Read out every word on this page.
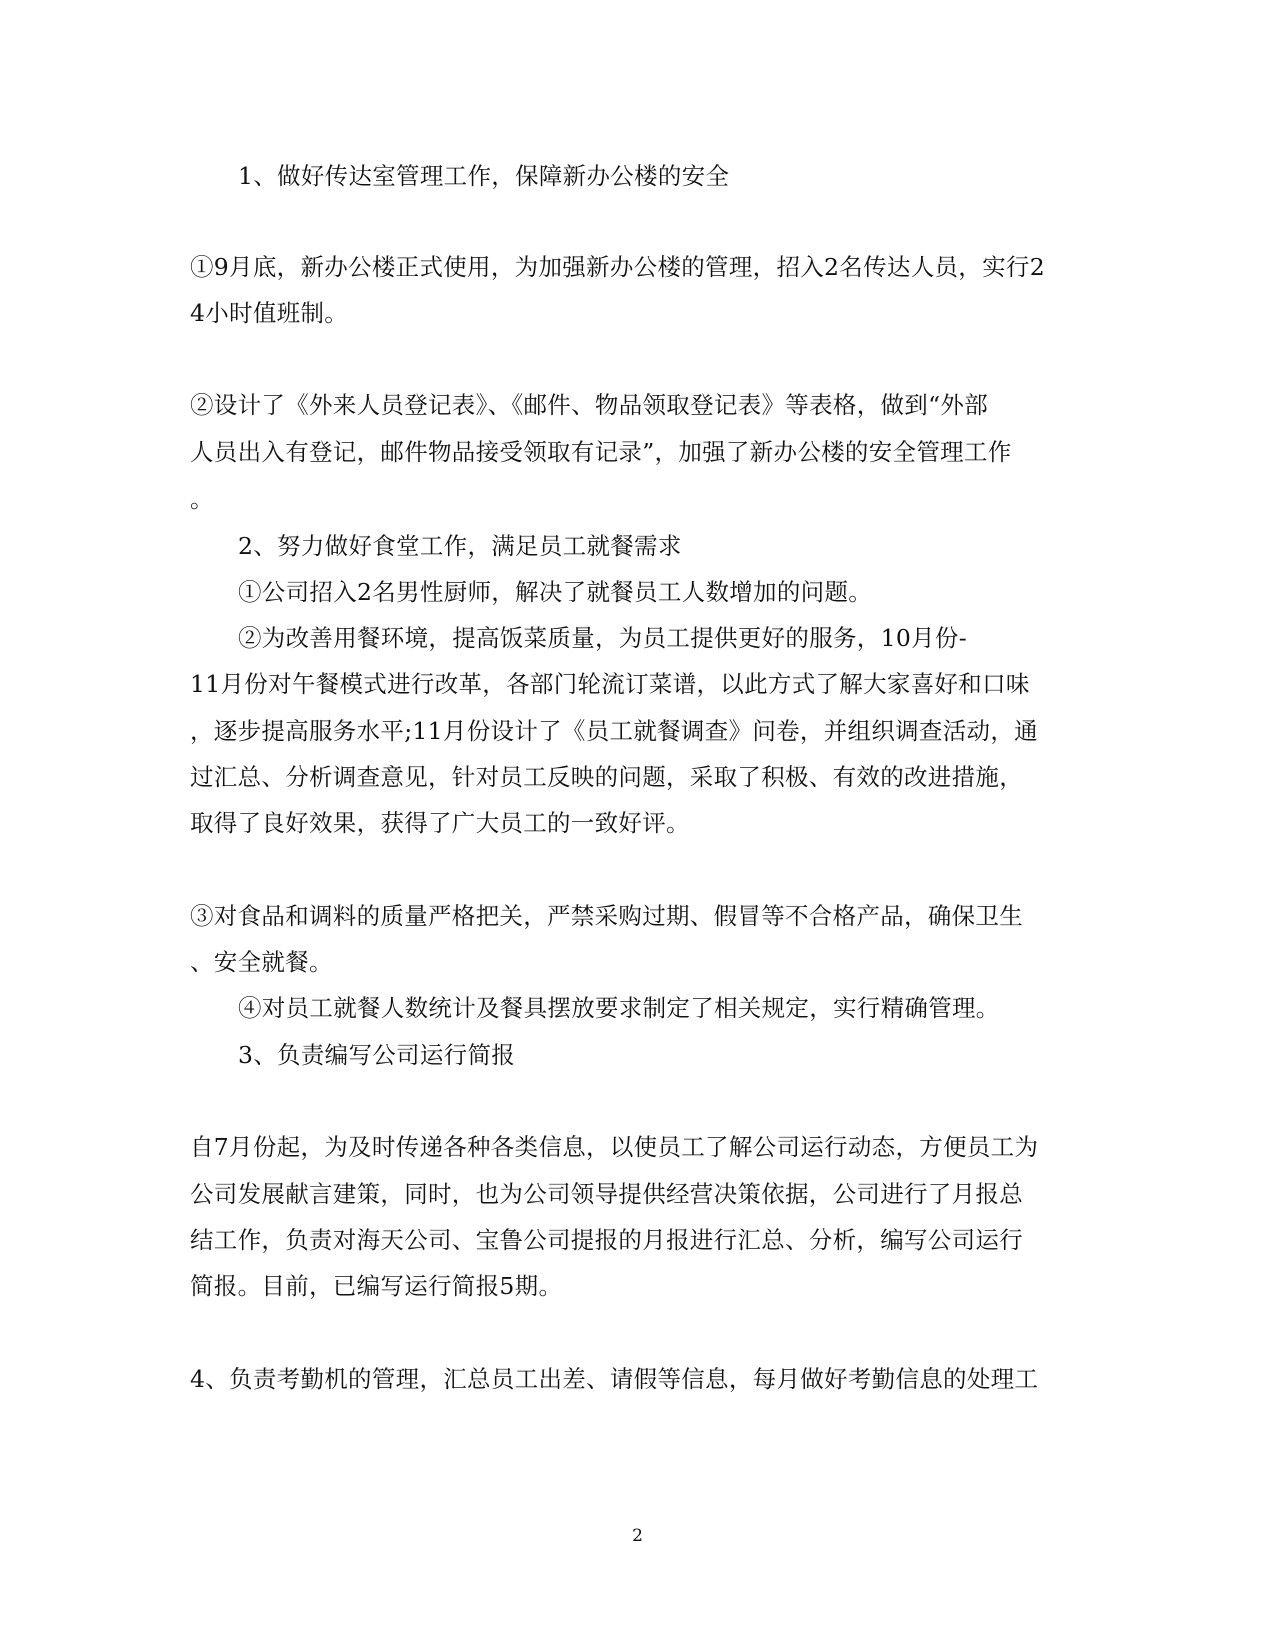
1、做好传达室管理工作，保障新办公楼的安全
①9月底，新办公楼正式使用，为加强新办公楼的管理，招入2名传达人员，实行2
4小时值班制。
②设计了《外来人员登记表》、《邮件、物品领取登记表》等表格，做到“外部
人员出入有登记，邮件物品接受领取有记录”，加强了新办公楼的安全管理工作
。
2、努力做好食堂工作，满足员工就餐需求
①公司招入2名男性厨师，解决了就餐员工人数增加的问题。
②为改善用餐环境，提高饭菜质量，为员工提供更好的服务，10月份-
11月份对午餐模式进行改革，各部门轮流订菜谱，以此方式了解大家喜好和口味
，逐步提高服务水平;11月份设计了《员工就餐调查》问卷，并组织调查活动，通
过汇总、分析调查意见，针对员工反映的问题，采取了积极、有效的改进措施，
取得了良好效果，获得了广大员工的一致好评。
③对食品和调料的质量严格把关，严禁采购过期、假冒等不合格产品，确保卫生
、安全就餐。
④对员工就餐人数统计及餐具摆放要求制定了相关规定，实行精确管理。
3、负责编写公司运行简报
自7月份起，为及时传递各种各类信息，以使员工了解公司运行动态，方便员工为
公司发展献言建策，同时，也为公司领导提供经营决策依据，公司进行了月报总
结工作，负责对海天公司、宝鲁公司提报的月报进行汇总、分析，编写公司运行
简报。目前，已编写运行简报5期。
4、负责考勤机的管理，汇总员工出差、请假等信息，每月做好考勤信息的处理工
2
